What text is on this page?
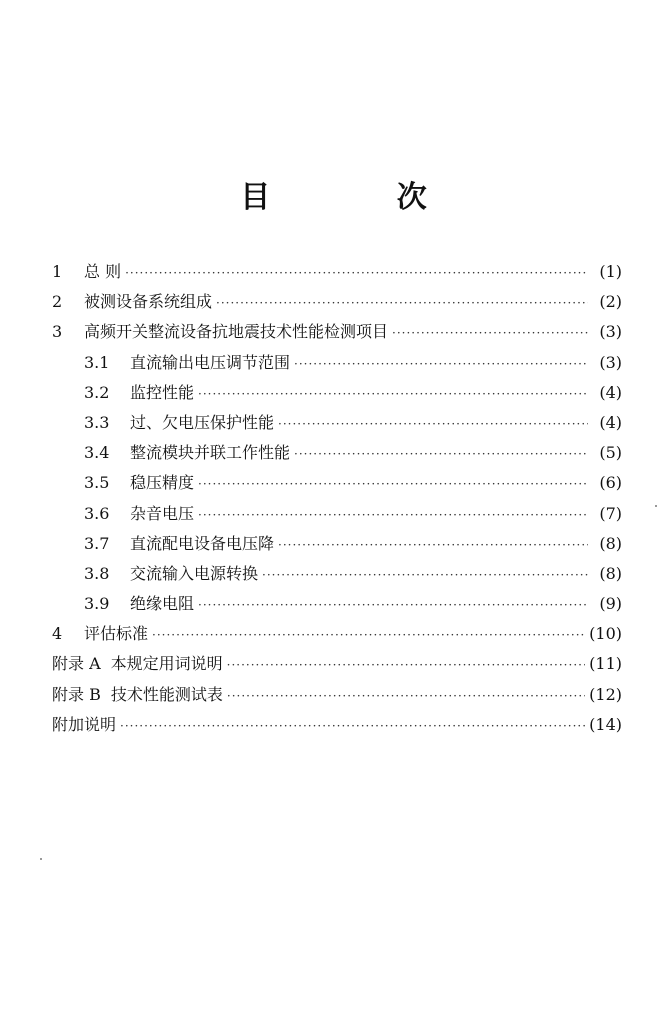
目 次
1	总 则 ·····	(1)
2	被测设备系统组成 ·····	(2)
3	高频开关整流设备抗地震技术性能检测项目 ·····	(3)
3.1	直流输出电压调节范围 ·····	(3)
3.2	监控性能 ·····	(4)
3.3	过、欠电压保护性能 ·····	(4)
3.4	整流模块并联工作性能 ·····	(5)
3.5	稳压精度 ·····	(6)
3.6	杂音电压 ·····	(7)
3.7	直流配电设备电压降 ·····	(8)
3.8	交流输入电源转换 ·····	(8)
3.9	绝缘电阻 ·····	(9)
4	评估标准 ·····	(10)
附录 A 本规定用词说明 ·····	(11)
附录 B 技术性能测试表 ·····	(12)
附加说明 ·····	(14)
